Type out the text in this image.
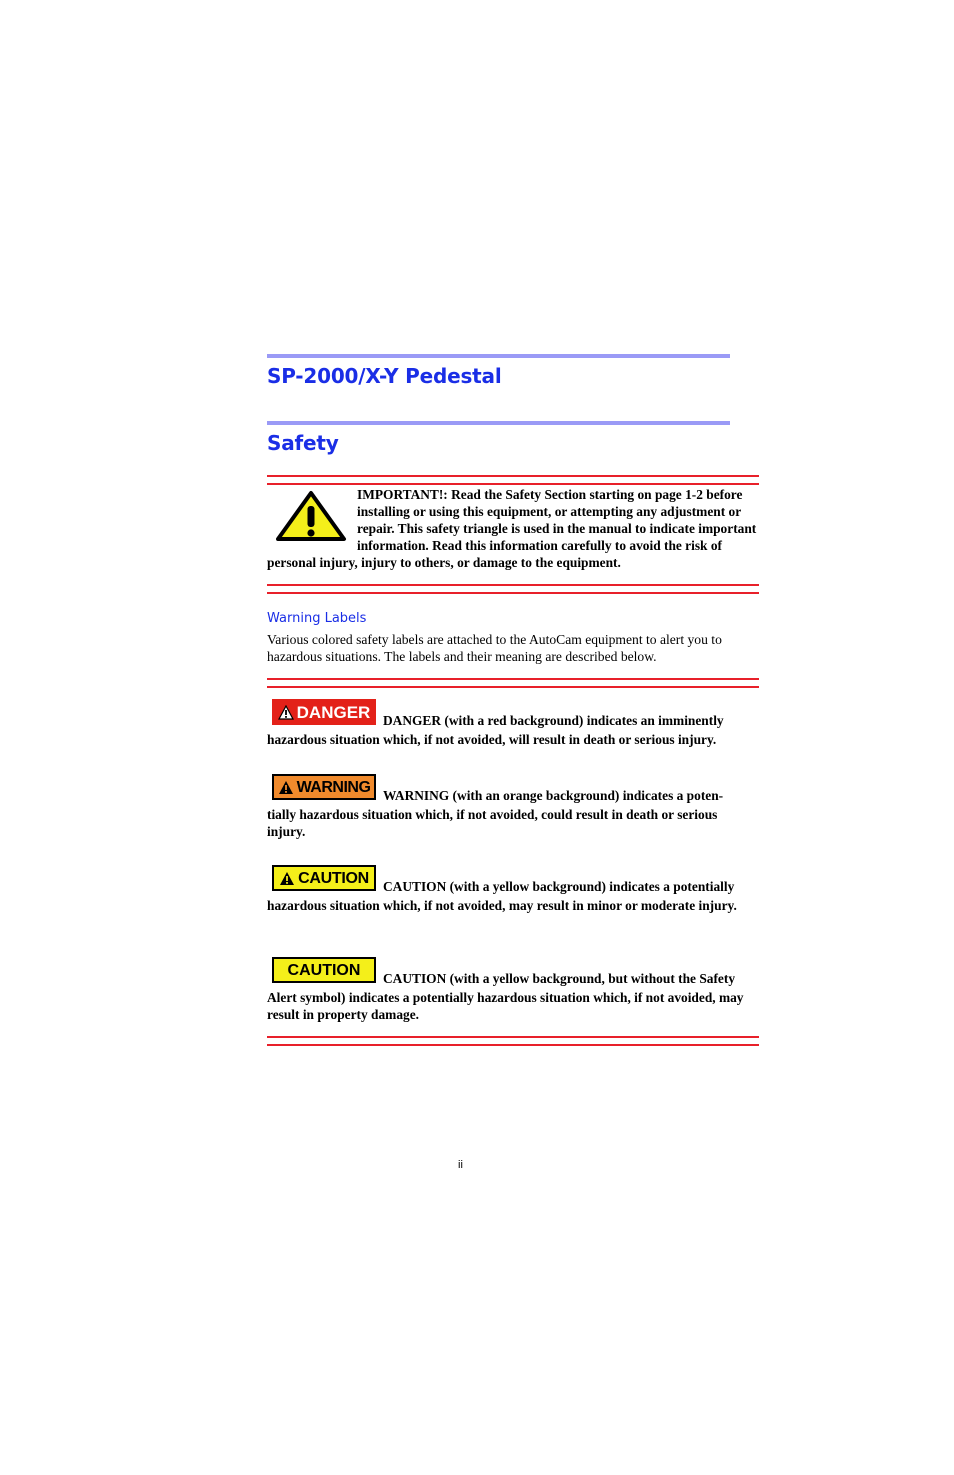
SP-2000/X-Y Pedestal
Safety
IMPORTANT!: Read the Safety Section starting on page 1-2 before installing or using this equipment, or attempting any adjustment or repair. This safety triangle is used in the manual to indicate important information. Read this information carefully to avoid the risk of personal injury, injury to others, or damage to the equipment.
Warning Labels
Various colored safety labels are attached to the AutoCam equipment to alert you to hazardous situations. The labels and their meaning are described below.
DANGER DANGER (with a red background) indicates an imminently
hazardous situation which, if not avoided, will result in death or serious injury.
WARNING WARNING (with an orange background) indicates a poten-
tially hazardous situation which, if not avoided, could result in death or serious injury.
CAUTION	CAUTION (with a yellow background) indicates a potentially
hazardous situation which, if not avoided, may result in minor or moderate injury.
CAUTION	CAUTION (with a yellow background, but without the Safety
Alert symbol) indicates a potentially hazardous situation which, if not avoided, may result in property damage.
ii
